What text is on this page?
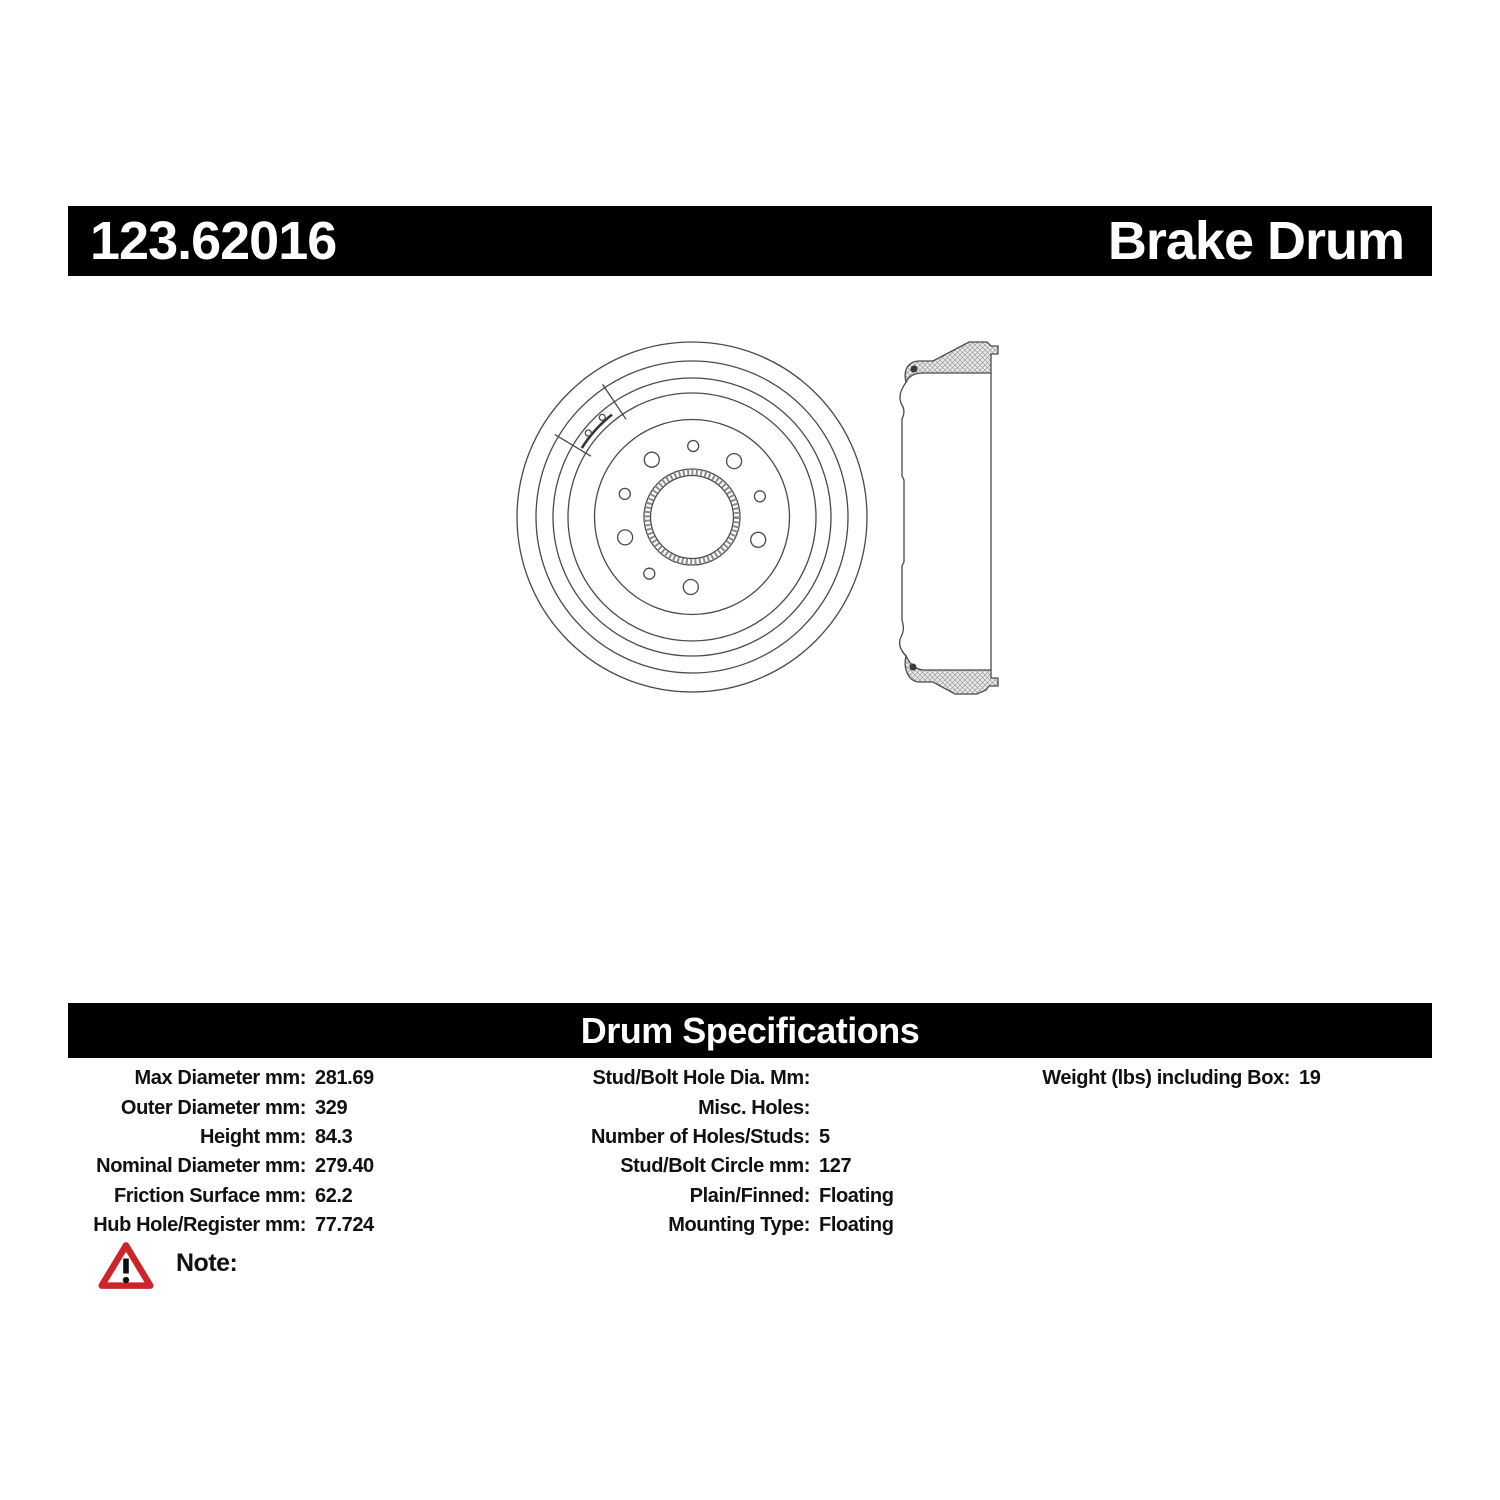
123.62016	Brake Drum
Drum Specifications
Max Diameter mm: 281.69
Outer Diameter mm: 329
Height mm: 84.3
Nominal Diameter mm: 279.40
Friction Surface mm: 62.2
Hub Hole/Register mm: 77.724
Stud/Bolt Hole Dia. Mm:
Misc. Holes:
Number of Holes/Studs: 5
Stud/Bolt Circle mm: 127
Plain/Finned: Floating
Mounting Type: Floating
Weight (lbs) including Box: 19
Note:
